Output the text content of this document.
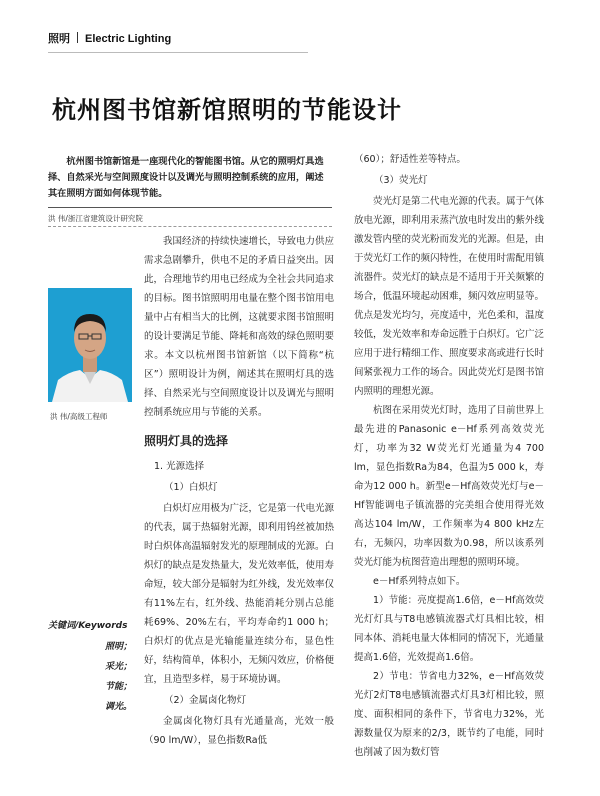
照明 Electric Lighting
杭州图书馆新馆照明的节能设计
杭州图书馆新馆是一座现代化的智能图书馆。从它的照明灯具选择、自然采光与空间照度设计以及调光与照明控制系统的应用，阐述其在照明方面如何体现节能。
洪 伟/浙江省建筑设计研究院
洪 伟/高级工程师
关键词/Keywords
照明；
采光；
节能；
调光。

我国经济的持续快速增长，导致电力供应需求急剧攀升，供电不足的矛盾日益突出。因此，合理地节约用电已经成为全社会共同追求的目标。图书馆照明用电量在整个图书馆用电量中占有相当大的比例，这就要求图书馆照明的设计要满足节能、降耗和高效的绿色照明要求。本文以杭州图书馆新馆（以下简称“杭区”）照明设计为例，阐述其在照明灯具的选择、自然采光与空间照度设计以及调光与照明控制系统应用与节能的关系。

照明灯具的选择

1. 光源选择

（1）白炽灯

白炽灯应用极为广泛，它是第一代电光源的代表，属于热辐射光源，即利用钨丝被加热时白炽体高温辐射发光的原理制成的光源。白炽灯的缺点是发热量大，发光效率低，使用寿命短，较大部分是辐射为红外线，发光效率仅有11%左右，红外线、热能消耗分别占总能耗69%、20%左右，平均寿命约1 000 h；白炽灯的优点是光输能量连续分布，显色性好，结构简单，体积小，无频闪效应，价格便宜，且造型多样，易于环境协调。

（2）金属卤化物灯

金属卤化物灯具有光通量高，光效一般（90 lm/W），显色指数Ra低

（60）；舒适性差等特点。

（3）荧光灯

荧光灯是第二代电光源的代表。属于气体放电光源，即利用汞蒸汽放电时发出的紫外线激发管内壁的荧光粉而发光的光源。但是，由于荧光灯工作的频闪特性，在使用时需配用镇流器件。荧光灯的缺点是不适用于开关频繁的场合，低温环境起动困难，频闪效应明显等。优点是发光均匀，亮度适中，光色柔和，温度较低，发光效率和寿命远胜于白炽灯。它广泛应用于进行精细工作、照度要求高或进行长时间紧张视力工作的场合。因此荧光灯是图书馆内照明的理想光源。

杭图在采用荧光灯时，选用了目前世界上最先进的Panasonic e－Hf系列高效荧光灯，功率为32 W荧光灯光通量为4 700 lm，显色指数Ra为84，色温为5 000 k，寿命为12 000 h。新型e－Hf高效荧光灯与e－Hf智能调电子镇流器的完美组合使用得光效高达104 lm/W，工作频率为4 800 kHz左右，无频闪，功率因数为0.98，所以该系列荧光灯能为杭图营造出理想的照明环境。

e－Hf系列特点如下。

1）节能：亮度提高1.6倍，e－Hf高效荧光灯灯具与T8电感镇流器式灯具相比较，相同本体、消耗电量大体相同的情况下，光通量提高1.6倍，光效提高1.6倍。

2）节电：节省电力32%，e－Hf高效荧光灯2灯T8电感镇流器式灯具3灯相比较，照度、面积相同的条件下，节省电力32%，光源数量仅为原来的2/3，既节约了电能，同时也削减了因为数灯管
